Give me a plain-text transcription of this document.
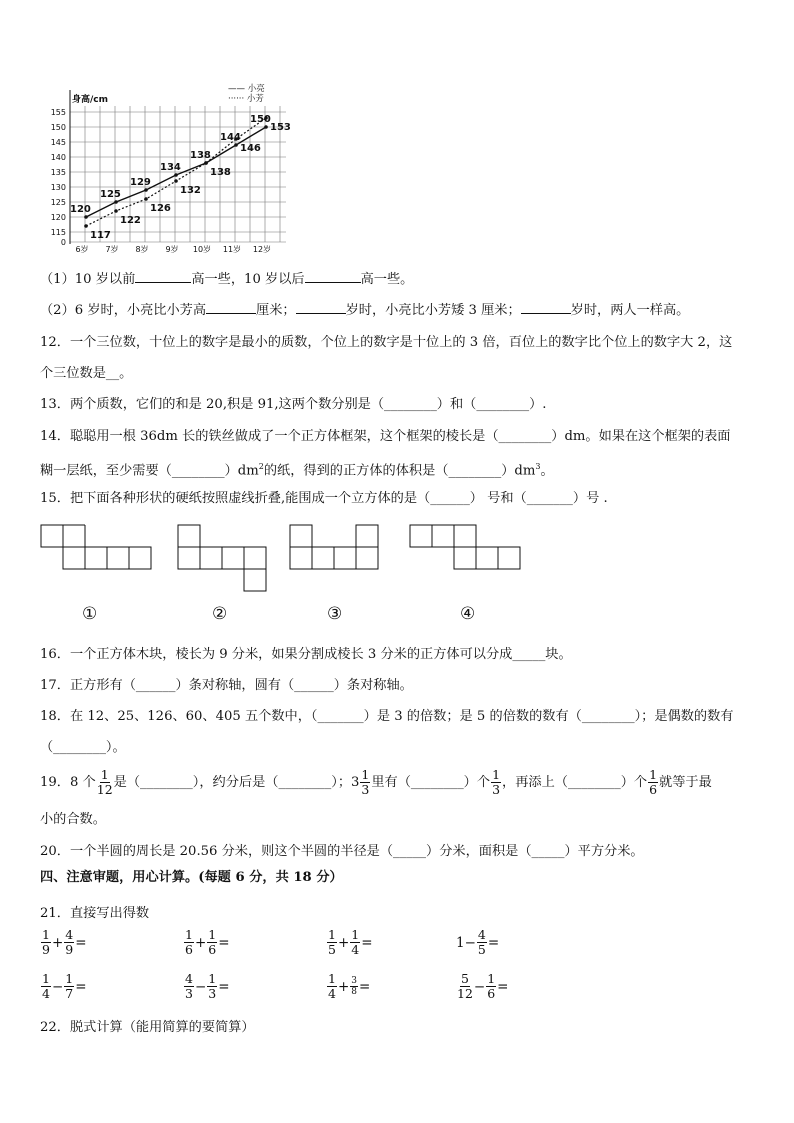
身高/cm
—— 小亮
······ 小芳
0
115
120
125
130
135
140
145
150
155
6岁 7岁 8岁 9岁 10岁 11岁 12岁
120
125
129
134
138
144
150
117
122
126
132
138
146
153
（1）10 岁以前	高一些，10 岁以后	高一些。
（2）6 岁时，小亮比小芳高	厘米；	岁时，小亮比小芳矮 3 厘米；	岁时，两人一样高。
12．一个三位数，十位上的数字是最小的质数，个位上的数字是十位上的 3 倍，百位上的数字比个位上的数字大 2，这
个三位数是__。
13．两个质数，它们的和是 20,积是 91,这两个数分别是（________）和（________）.
14．聪聪用一根 36dm 长的铁丝做成了一个正方体框架，这个框架的棱长是（________）dm。如果在这个框架的表面
糊一层纸，至少需要$(\_\_\_\_\_\_\_\_)dm^2$的纸，得到的正方体的体积是$(\_\_\_\_\_\_\_\_)dm^3$。
15．把下面各种形状的硬纸按照虚线折叠,能围成一个立方体的是（______） 号和（_______）号 .
①	②	③	④
16．一个正方体木块，棱长为 9 分米，如果分割成棱长 3 分米的正方体可以分成_____块。
17．正方形有（______）条对称轴，圆有（______）条对称轴。
18．在 12、25、126、60、405 五个数中，（_______）是 3 的倍数；是 5 的倍数的数有（________）；是偶数的数有
（________）。
19．8 个 $\frac{1}{12}$ 是（________），约分后是（________）；$3 \frac{1}{3}$ 里有（________）个 $\frac{1}{3}$ ，再添上（________）个 $\frac{1}{6}$ 就等于最
小的合数。
20．一个半圆的周长是 20.56 分米，则这个半圆的半径是（_____）分米，面积是（_____）平方分米。
四、注意审题，用心计算。(每题 6 分，共 18 分）
21．直接写出得数
$\frac{1}{9} + \frac{4}{9}$ =	$\frac{1}{6} + \frac{1}{6}$ =	$\frac{1}{5} + \frac{1}{4}$ =	$1 - \frac{4}{5}$ =
$\frac{1}{4} - \frac{1}{7}$ =	$\frac{4}{3} - \frac{1}{3}$ =	$\frac{1}{4} + \frac{3}{8}$ =	$\frac{5}{12} - \frac{1}{6}$ =
22．脱式计算（能用简算的要简算）
